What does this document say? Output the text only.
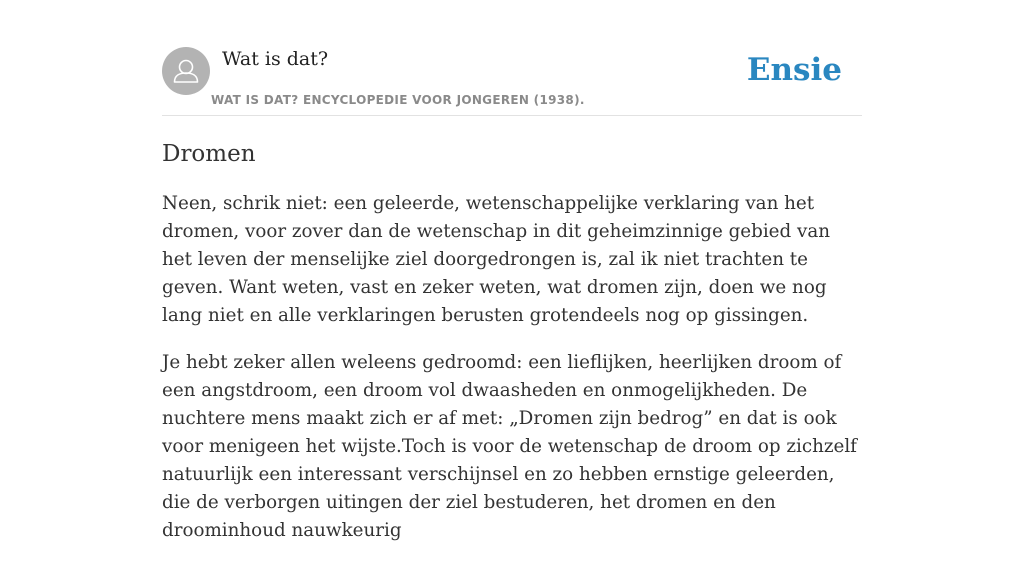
Wat is dat?
WAT IS DAT? ENCYCLOPEDIE VOOR JONGEREN (1938).
Ensie
Dromen

Neen, schrik niet: een geleerde, wetenschappelijke verklaring van het dromen, voor zover dan de wetenschap in dit geheimzinnige gebied van het leven der menselijke ziel doorgedrongen is, zal ik niet trachten te geven. Want weten, vast en zeker weten, wat dromen zijn, doen we nog lang niet en alle verklaringen berusten grotendeels nog op gissingen.

Je hebt zeker allen weleens gedroomd: een lieflijken, heerlijken droom of een angstdroom, een droom vol dwaasheden en onmogelijkheden. De nuchtere mens maakt zich er af met: „Dromen zijn bedrog” en dat is ook voor menigeen het wijste.Toch is voor de wetenschap de droom op zichzelf natuurlijk een interessant verschijnsel en zo hebben ernstige geleerden, die de verborgen uitingen der ziel bestuderen, het dromen en den droominhoud nauwkeurig
